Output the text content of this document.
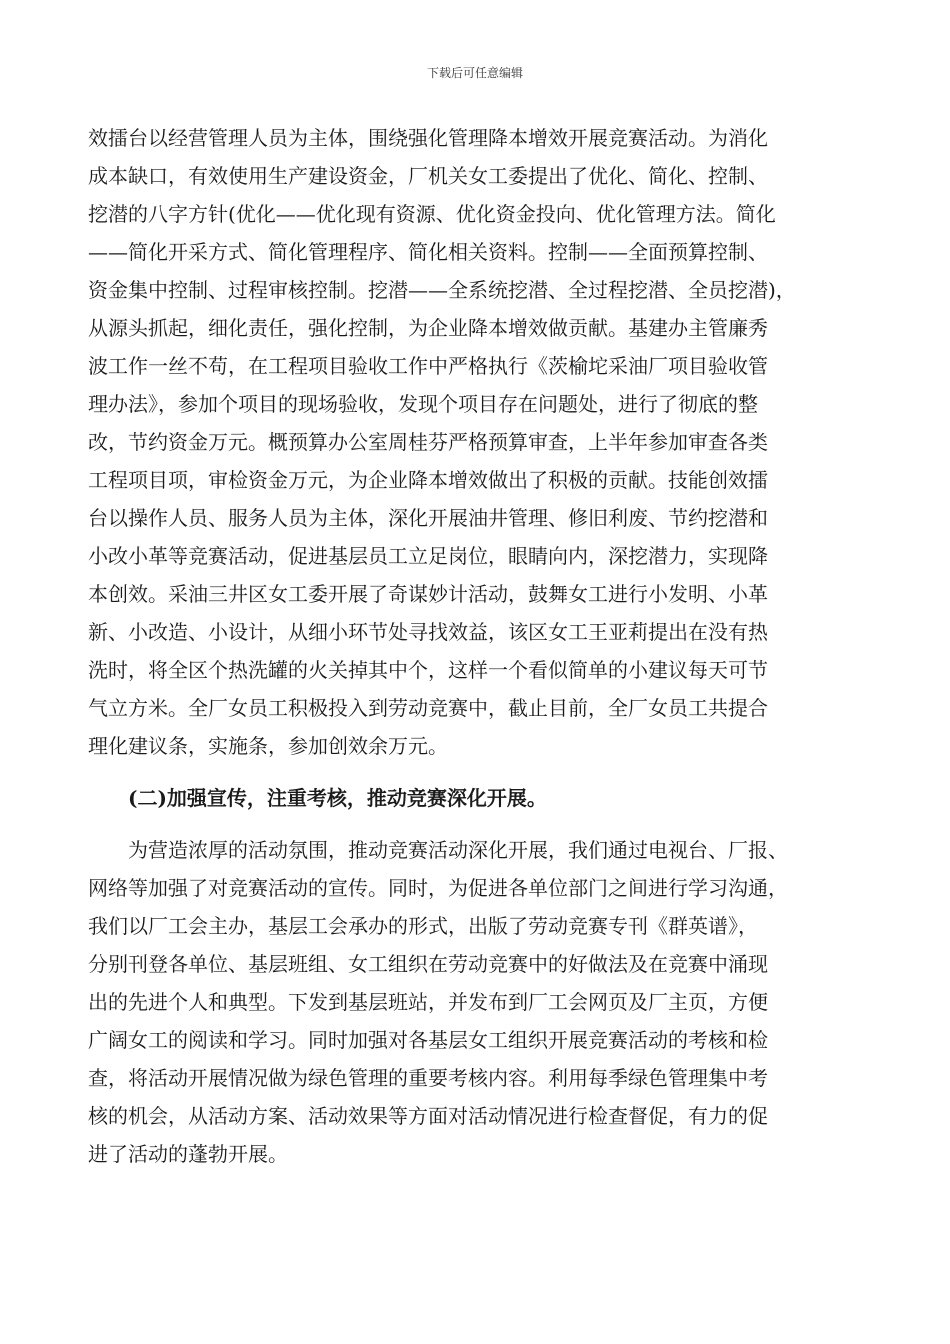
下载后可任意编辑
效擂台以经营管理人员为主体，围绕强化管理降本增效开展竞赛活动。为消化
成本缺口，有效使用生产建设资金，厂机关女工委提出了优化、简化、控制、
挖潜的八字方针(优化——优化现有资源、优化资金投向、优化管理方法。简化
——简化开采方式、简化管理程序、简化相关资料。控制——全面预算控制、
资金集中控制、过程审核控制。挖潜——全系统挖潜、全过程挖潜、全员挖潜)，
从源头抓起，细化责任，强化控制，为企业降本增效做贡献。基建办主管廉秀
波工作一丝不苟，在工程项目验收工作中严格执行《茨榆坨采油厂项目验收管
理办法》，参加个项目的现场验收，发现个项目存在问题处，进行了彻底的整
改，节约资金万元。概预算办公室周桂芬严格预算审查，上半年参加审查各类
工程项目项，审检资金万元，为企业降本增效做出了积极的贡献。技能创效擂
台以操作人员、服务人员为主体，深化开展油井管理、修旧利废、节约挖潜和
小改小革等竞赛活动，促进基层员工立足岗位，眼睛向内，深挖潜力，实现降
本创效。采油三井区女工委开展了奇谋妙计活动，鼓舞女工进行小发明、小革
新、小改造、小设计，从细小环节处寻找效益，该区女工王亚莉提出在没有热
洗时，将全区个热洗罐的火关掉其中个，这样一个看似简单的小建议每天可节
气立方米。全厂女员工积极投入到劳动竞赛中，截止目前，全厂女员工共提合
理化建议条，实施条，参加创效余万元。
(二)加强宣传，注重考核，推动竞赛深化开展。
为营造浓厚的活动氛围，推动竞赛活动深化开展，我们通过电视台、厂报、
网络等加强了对竞赛活动的宣传。同时，为促进各单位部门之间进行学习沟通，
我们以厂工会主办，基层工会承办的形式，出版了劳动竞赛专刊《群英谱》，
分别刊登各单位、基层班组、女工组织在劳动竞赛中的好做法及在竞赛中涌现
出的先进个人和典型。下发到基层班站，并发布到厂工会网页及厂主页，方便
广阔女工的阅读和学习。同时加强对各基层女工组织开展竞赛活动的考核和检
查，将活动开展情况做为绿色管理的重要考核内容。利用每季绿色管理集中考
核的机会，从活动方案、活动效果等方面对活动情况进行检查督促，有力的促
进了活动的蓬勃开展。
